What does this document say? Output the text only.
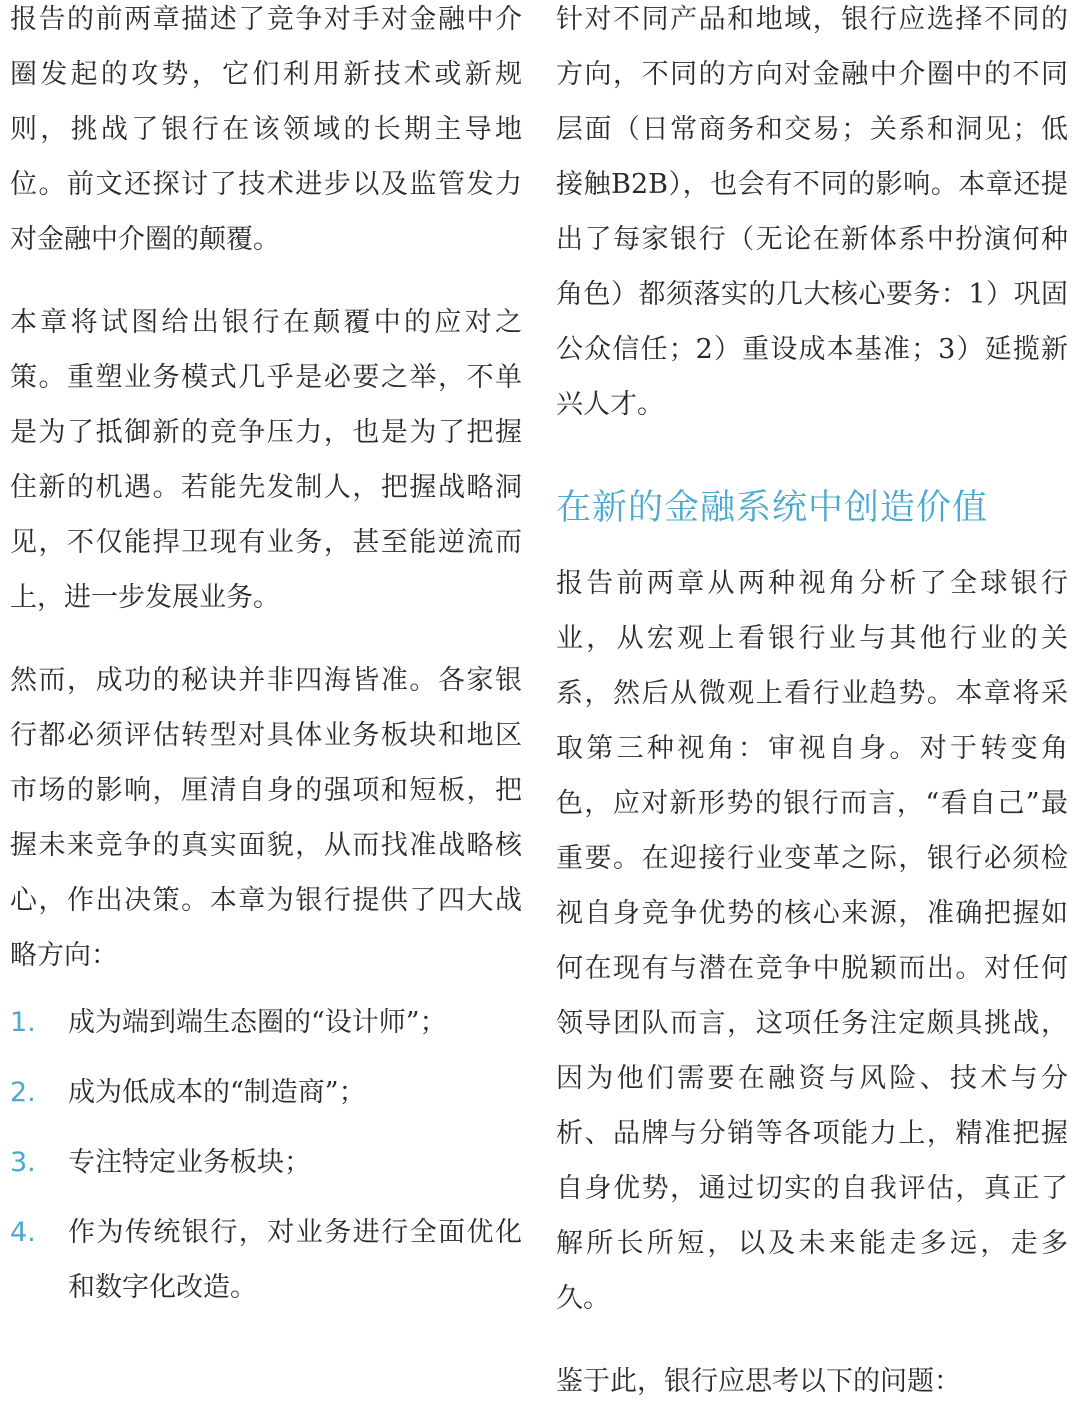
报告的前两章描述了竞争对手对金融中介圈发起的攻势，它们利用新技术或新规则，挑战了银行在该领域的长期主导地位。前文还探讨了技术进步以及监管发力对金融中介圈的颠覆。

本章将试图给出银行在颠覆中的应对之策。重塑业务模式几乎是必要之举，不单是为了抵御新的竞争压力，也是为了把握住新的机遇。若能先发制人，把握战略洞见，不仅能捍卫现有业务，甚至能逆流而上，进一步发展业务。

然而，成功的秘诀并非四海皆准。各家银行都必须评估转型对具体业务板块和地区市场的影响，厘清自身的强项和短板，把握未来竞争的真实面貌，从而找准战略核心，作出决策。本章为银行提供了四大战略方向：

1.	成为端到端生态圈的“设计师”；
2.	成为低成本的“制造商”；
3.	专注特定业务板块；
4.	作为传统银行，对业务进行全面优化和数字化改造。

针对不同产品和地域，银行应选择不同的方向，不同的方向对金融中介圈中的不同层面（日常商务和交易；关系和洞见；低接触B2B），也会有不同的影响。本章还提出了每家银行（无论在新体系中扮演何种角色）都须落实的几大核心要务：1）巩固公众信任；2）重设成本基准；3）延揽新兴人才。

在新的金融系统中创造价值

报告前两章从两种视角分析了全球银行业，从宏观上看银行业与其他行业的关系，然后从微观上看行业趋势。本章将采取第三种视角：审视自身。对于转变角色，应对新形势的银行而言，“看自己”最重要。在迎接行业变革之际，银行必须检视自身竞争优势的核心来源，准确把握如何在现有与潜在竞争中脱颖而出。对任何领导团队而言，这项任务注定颇具挑战，因为他们需要在融资与风险、技术与分析、品牌与分销等各项能力上，精准把握自身优势，通过切实的自我评估，真正了解所长所短，以及未来能走多远，走多久。

鉴于此，银行应思考以下的问题：
